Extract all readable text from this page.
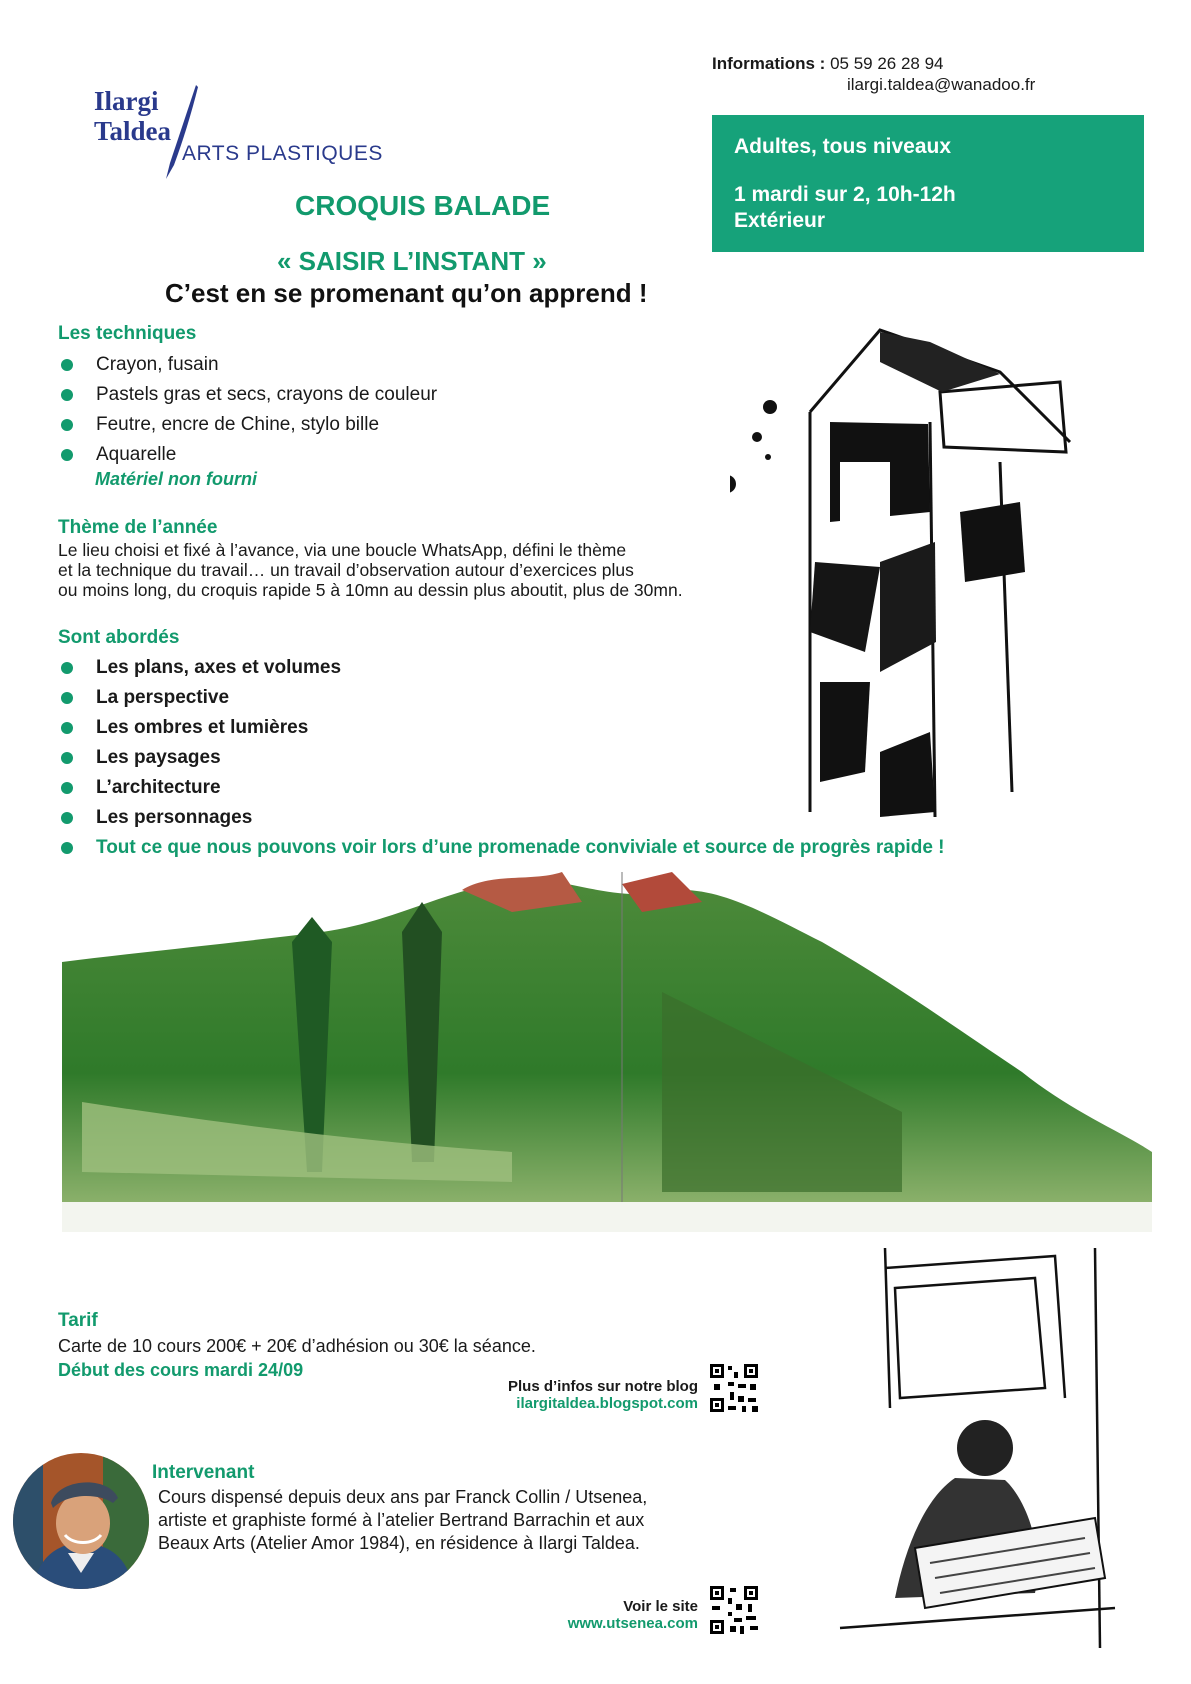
Ilargi
Taldea
ARTS PLASTIQUES
Informations : 05 59 26 28 94
ilargi.taldea@wanadoo.fr
Adultes, tous niveaux
1 mardi sur 2, 10h-12h
Extérieur
CROQUIS BALADE
« SAISIR L’INSTANT »
C’est en se promenant qu’on apprend !
Les techniques
Crayon, fusain
Pastels gras et secs, crayons de couleur
Feutre, encre de Chine, stylo bille
Aquarelle
Matériel non fourni
Thème de l’année
Le lieu choisi et fixé à l’avance, via une boucle WhatsApp, défini le thème
et la technique du travail… un travail d’observation autour d’exercices plus
ou moins long, du croquis rapide 5 à 10mn au dessin plus aboutit, plus de 30mn.
Sont abordés
Les plans, axes et volumes
La perspective
Les ombres et lumières
Les paysages
L’architecture
Les personnages
Tout ce que nous pouvons voir lors d’une promenade conviviale et source de progrès rapide !
Tarif
Carte de 10 cours 200€ + 20€ d’adhésion ou 30€ la séance.
Début des cours mardi 24/09
Plus d’infos sur notre blog
ilargitaldea.blogspot.com
Intervenant
Cours dispensé depuis deux ans par Franck Collin / Utsenea,
artiste et graphiste formé à l’atelier Bertrand Barrachin et aux
Beaux Arts (Atelier Amor 1984), en résidence à Ilargi Taldea.
Voir le site
www.utsenea.com
